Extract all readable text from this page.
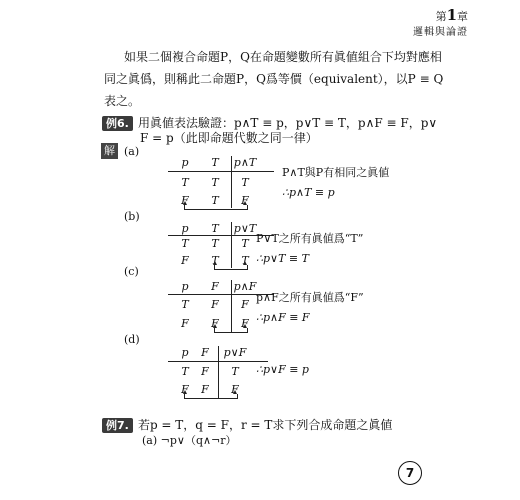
第1章
邏輯與論證
如果二個複合命題P，Q在命題變數所有眞値組合下均對應相同之眞僞，則稱此二命題P，Q爲等價（equivalent），以P ≡ Q表之。
例6. 用眞値表法驗證：p∧T ≡ p，p∨T ≡ T，p∧F ≡ F，p∨
F = p（此即命題代數之同一律）
解 (a)
p	T	p∧T
T	T	T
F	T	F
P∧T與P有相同之眞値
∴p∧T ≡ p
(b)
p	T	p∨T
T	T	T
F	T	T
P∨T之所有眞値爲“T”
∴p∨T ≡ T
(c)
p	F	p∧F
T	F	F
F	F	F
p∧F之所有眞値爲“F”
∴p∧F ≡ F
(d)
p	F	p∨F
T	F	T
F	F	F
∴p∨F ≡ p
例7. 若p = T，q = F，r = T求下列合成命題之眞値
(a) ¬p∨（q∧¬r）
7
